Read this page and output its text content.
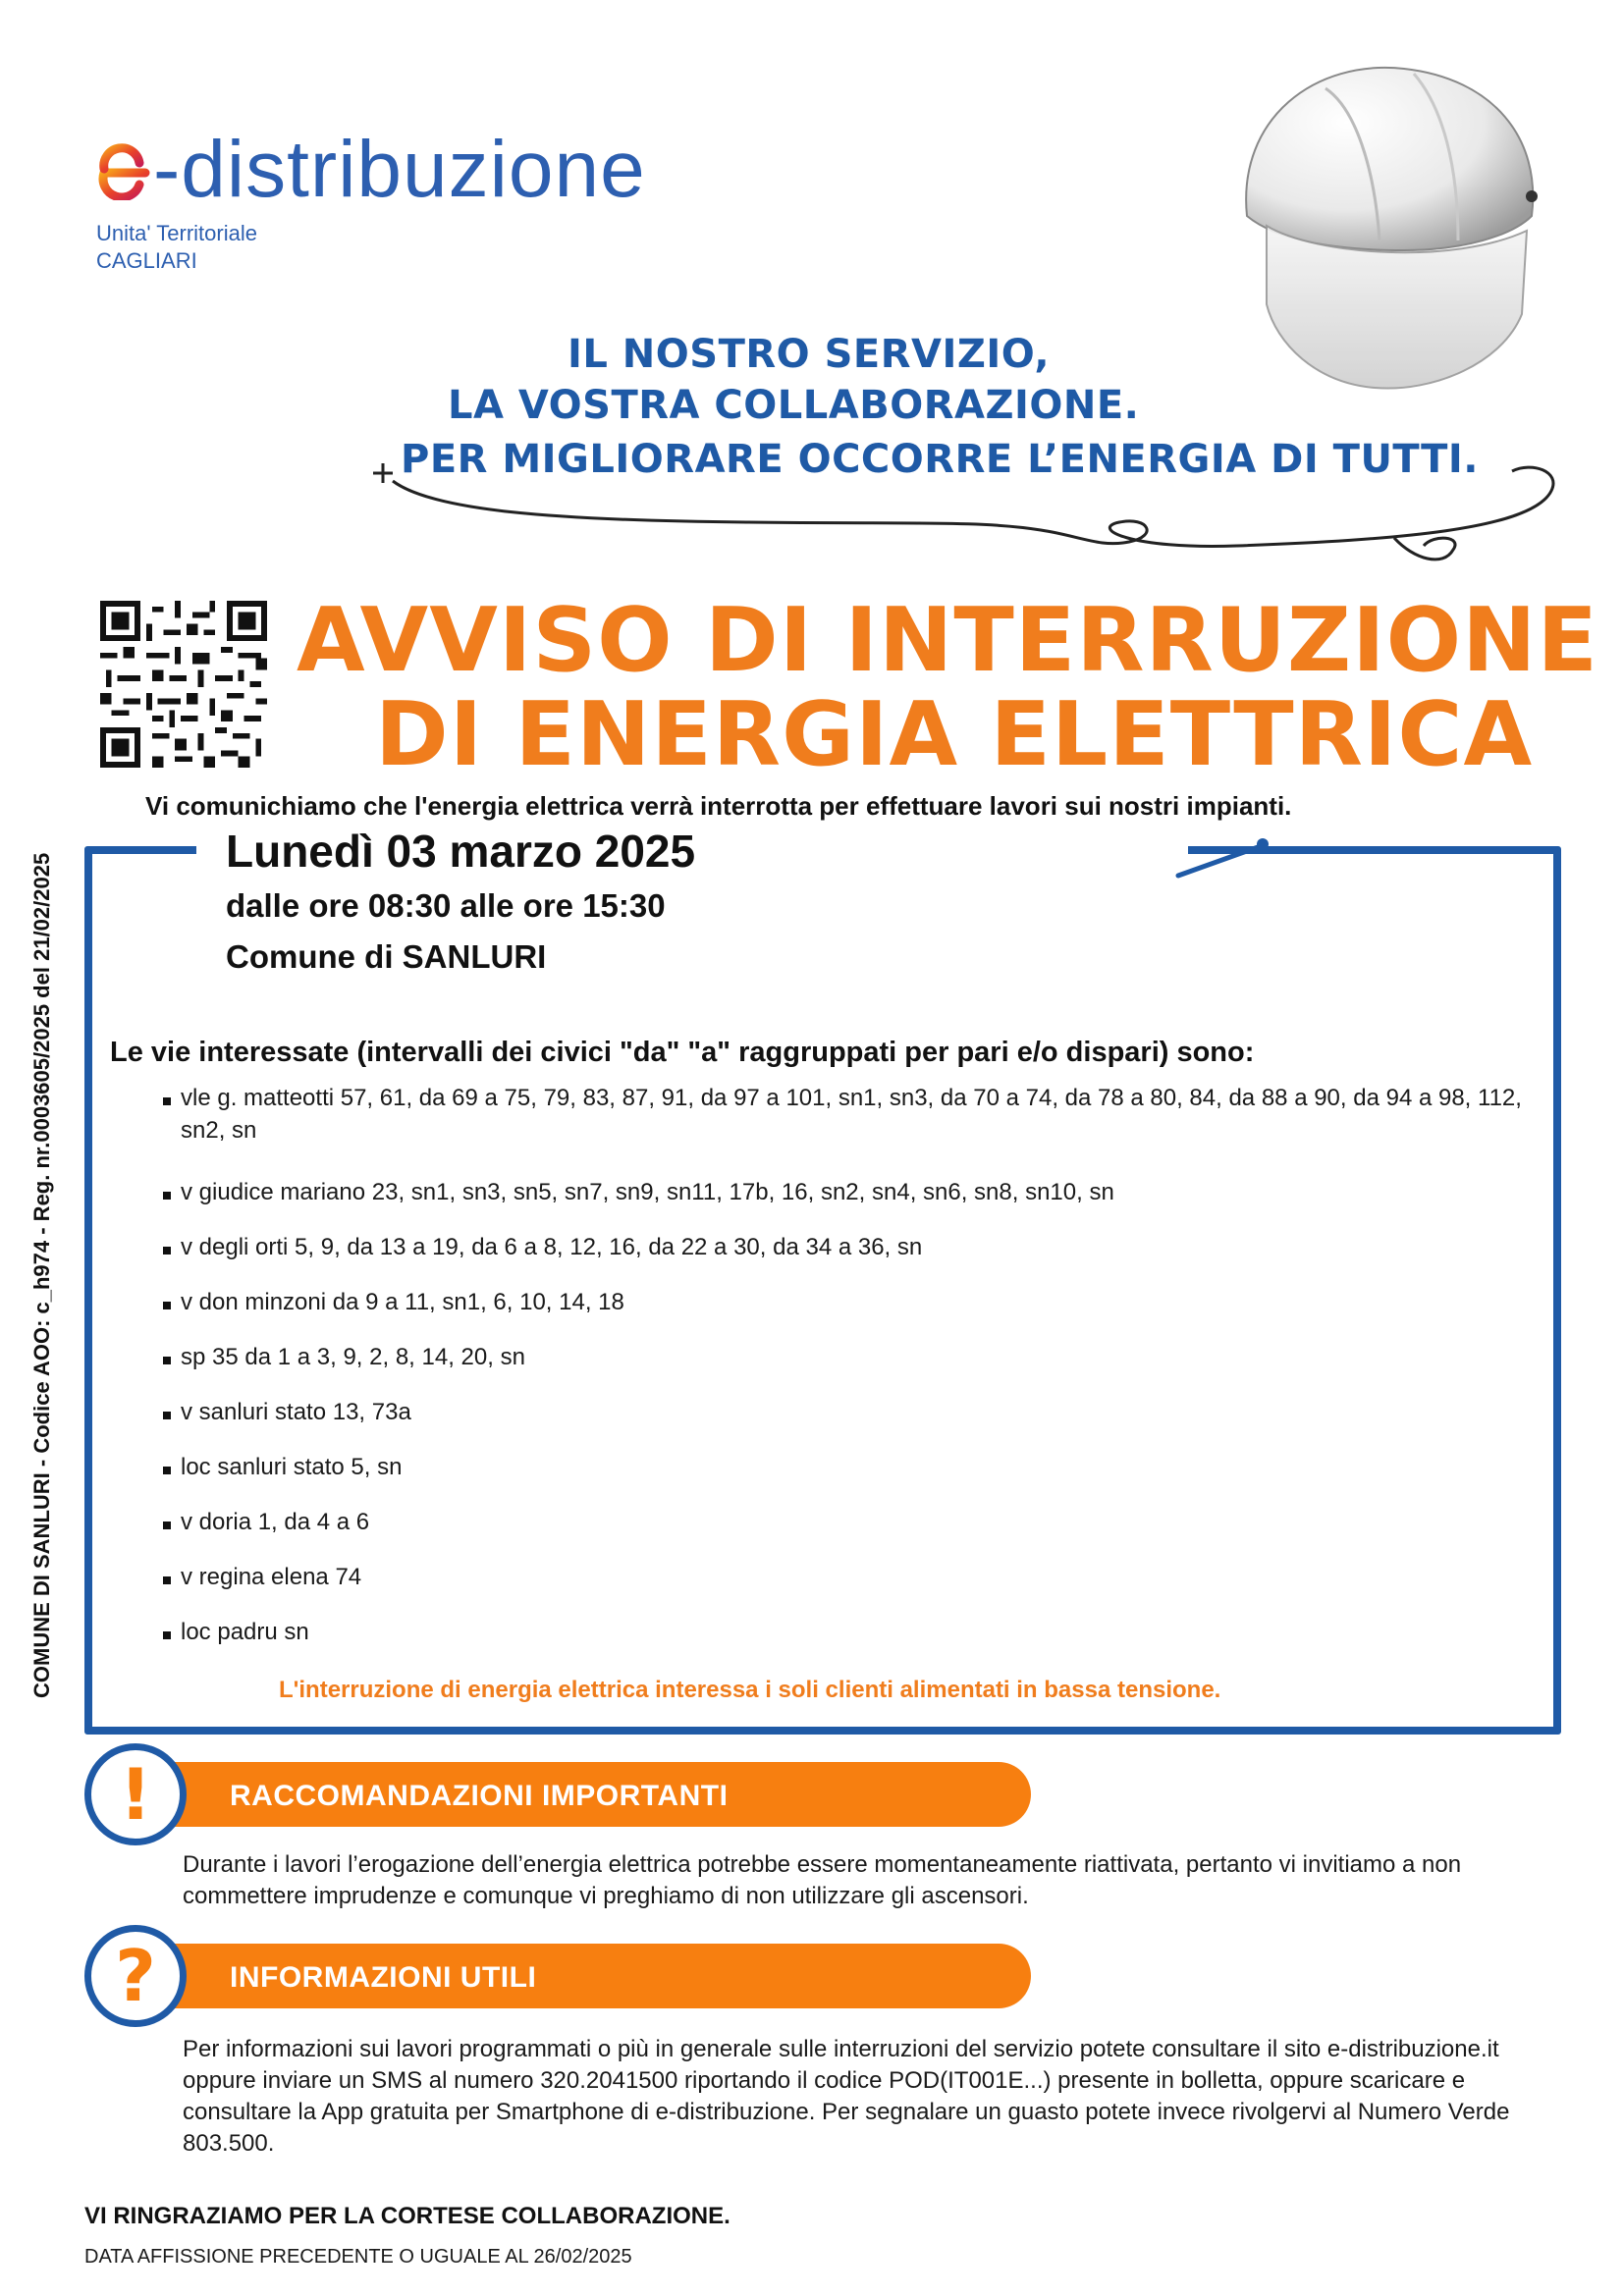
-distribuzione
Unita' Territoriale
CAGLIARI
IL NOSTRO SERVIZIO,
LA VOSTRA COLLABORAZIONE.
PER MIGLIORARE OCCORRE L’ENERGIA DI TUTTI.
COMUNE DI SANLURI - Codice AOO: c_h974 - Reg. nr.0003605/2025 del 21/02/2025
AVVISO DI INTERRUZIONE
DI ENERGIA ELETTRICA
Vi comunichiamo che l'energia elettrica verrà interrotta per effettuare lavori sui nostri impianti.
Lunedì 03 marzo 2025
dalle ore 08:30 alle ore 15:30
Comune di SANLURI
Le vie interessate (intervalli dei civici "da" "a" raggruppati per pari e/o dispari) sono:
vle g. matteotti 57, 61, da 69 a 75, 79, 83, 87, 91, da 97 a 101, sn1, sn3, da 70 a 74, da 78 a 80, 84, da 88 a 90, da 94 a 98, 112, sn2, sn
v giudice mariano 23, sn1, sn3, sn5, sn7, sn9, sn11, 17b, 16, sn2, sn4, sn6, sn8, sn10, sn
v degli orti 5, 9, da 13 a 19, da 6 a 8, 12, 16, da 22 a 30, da 34 a 36, sn
v don minzoni da 9 a 11, sn1, 6, 10, 14, 18
sp 35 da 1 a 3, 9, 2, 8, 14, 20, sn
v sanluri stato 13, 73a
loc sanluri stato 5, sn
v doria 1, da 4 a 6
v regina elena 74
loc padru sn
L'interruzione di energia elettrica interessa i soli clienti alimentati in bassa tensione.
!	RACCOMANDAZIONI IMPORTANTI
Durante i lavori l’erogazione dell’energia elettrica potrebbe essere momentaneamente riattivata, pertanto vi invitiamo a non commettere imprudenze e comunque vi preghiamo di non utilizzare gli ascensori.
?	INFORMAZIONI UTILI
Per informazioni sui lavori programmati o più in generale sulle interruzioni del servizio potete consultare il sito e-distribuzione.it oppure inviare un SMS al numero 320.2041500 riportando il codice POD(IT001E...) presente in bolletta, oppure scaricare e consultare la App gratuita per Smartphone di e-distribuzione. Per segnalare un guasto potete invece rivolgervi al Numero Verde 803.500.
VI RINGRAZIAMO PER LA CORTESE COLLABORAZIONE.
DATA AFFISSIONE PRECEDENTE O UGUALE AL 26/02/2025
